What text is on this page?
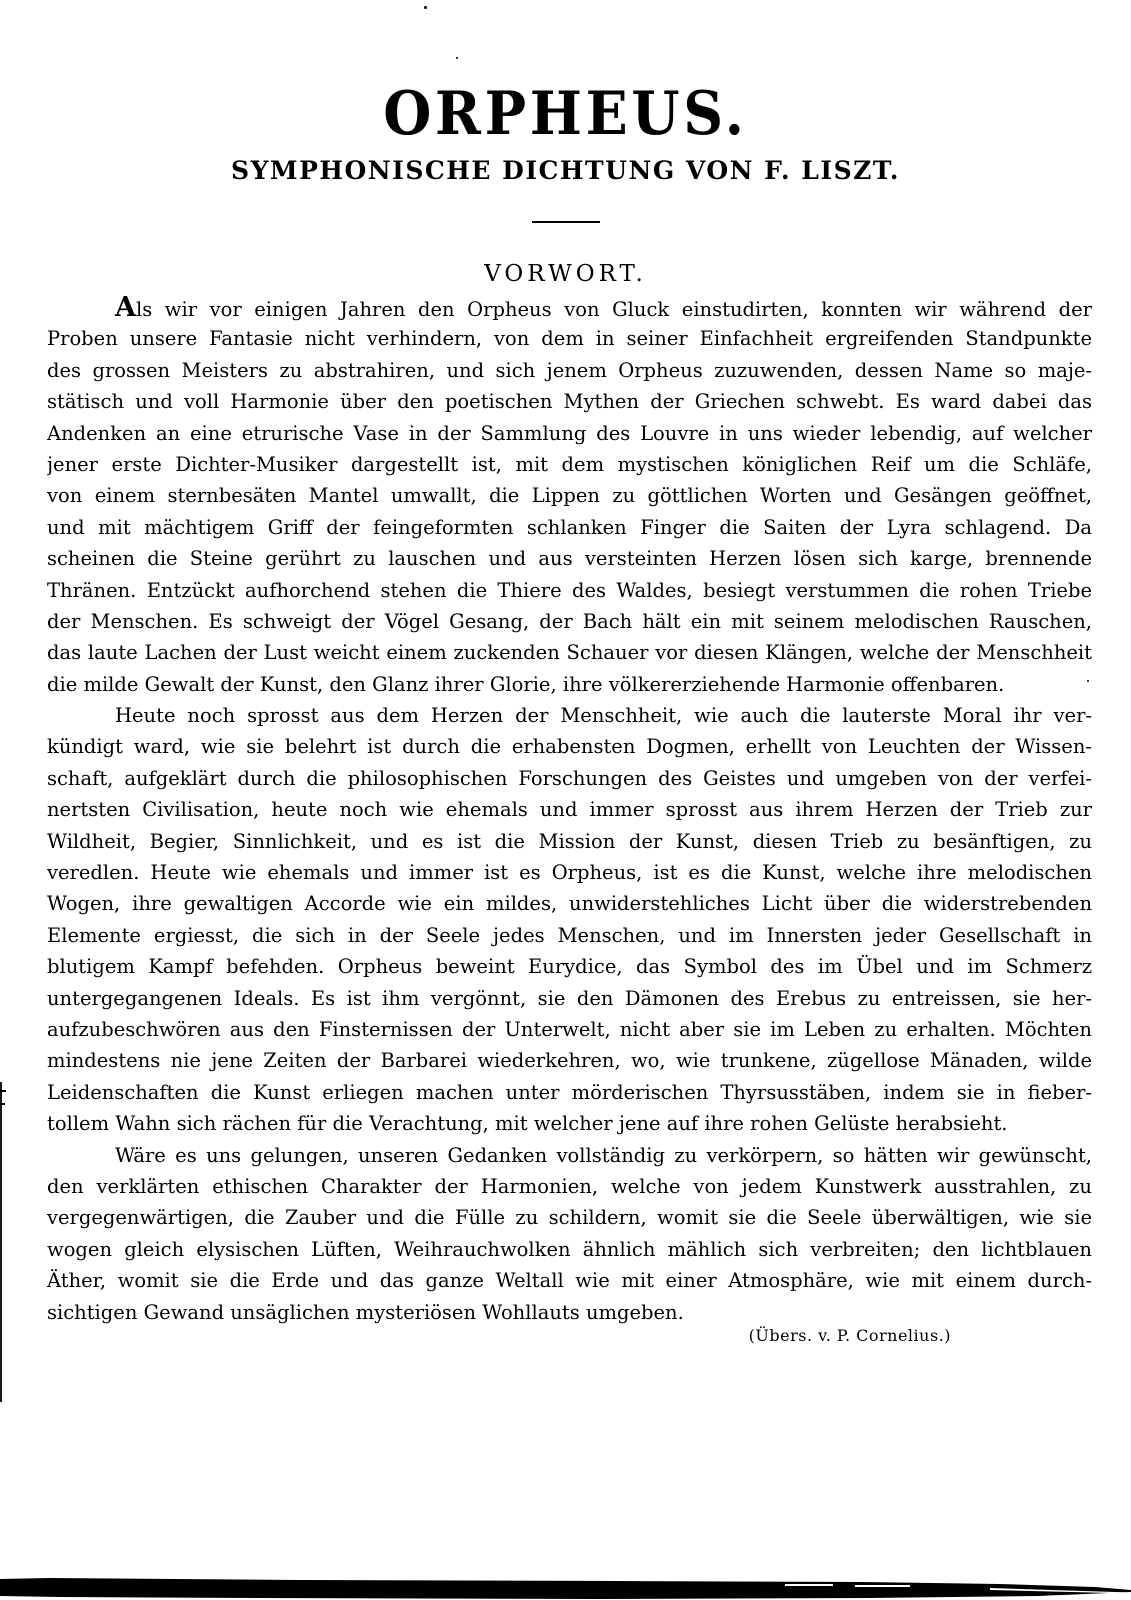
ORPHEUS.
SYMPHONISCHE DICHTUNG VON F. LISZT.
VORWORT.
Als wir vor einigen Jahren den Orpheus von Gluck einstudirten, konnten wir während der
Proben unsere Fantasie nicht verhindern, von dem in seiner Einfachheit ergreifenden Standpunkte
des grossen Meisters zu abstrahiren, und sich jenem Orpheus zuzuwenden, dessen Name so maje-
stätisch und voll Harmonie über den poetischen Mythen der Griechen schwebt. Es ward dabei das
Andenken an eine etrurische Vase in der Sammlung des Louvre in uns wieder lebendig, auf welcher
jener erste Dichter-Musiker dargestellt ist, mit dem mystischen königlichen Reif um die Schläfe,
von einem sternbesäten Mantel umwallt, die Lippen zu göttlichen Worten und Gesängen geöffnet,
und mit mächtigem Griff der feingeformten schlanken Finger die Saiten der Lyra schlagend. Da
scheinen die Steine gerührt zu lauschen und aus versteinten Herzen lösen sich karge, brennende
Thränen. Entzückt aufhorchend stehen die Thiere des Waldes, besiegt verstummen die rohen Triebe
der Menschen. Es schweigt der Vögel Gesang, der Bach hält ein mit seinem melodischen Rauschen,
das laute Lachen der Lust weicht einem zuckenden Schauer vor diesen Klängen, welche der Menschheit
die milde Gewalt der Kunst, den Glanz ihrer Glorie, ihre völkererziehende Harmonie offenbaren.
Heute noch sprosst aus dem Herzen der Menschheit, wie auch die lauterste Moral ihr ver-
kündigt ward, wie sie belehrt ist durch die erhabensten Dogmen, erhellt von Leuchten der Wissen-
schaft, aufgeklärt durch die philosophischen Forschungen des Geistes und umgeben von der verfei-
nertsten Civilisation, heute noch wie ehemals und immer sprosst aus ihrem Herzen der Trieb zur
Wildheit, Begier, Sinnlichkeit, und es ist die Mission der Kunst, diesen Trieb zu besänftigen, zu
veredlen. Heute wie ehemals und immer ist es Orpheus, ist es die Kunst, welche ihre melodischen
Wogen, ihre gewaltigen Accorde wie ein mildes, unwiderstehliches Licht über die widerstrebenden
Elemente ergiesst, die sich in der Seele jedes Menschen, und im Innersten jeder Gesellschaft in
blutigem Kampf befehden. Orpheus beweint Eurydice, das Symbol des im Übel und im Schmerz
untergegangenen Ideals. Es ist ihm vergönnt, sie den Dämonen des Erebus zu entreissen, sie her-
aufzubeschwören aus den Finsternissen der Unterwelt, nicht aber sie im Leben zu erhalten. Möchten
mindestens nie jene Zeiten der Barbarei wiederkehren, wo, wie trunkene, zügellose Mänaden, wilde
Leidenschaften die Kunst erliegen machen unter mörderischen Thyrsusstäben, indem sie in fieber-
tollem Wahn sich rächen für die Verachtung, mit welcher jene auf ihre rohen Gelüste herabsieht.
Wäre es uns gelungen, unseren Gedanken vollständig zu verkörpern, so hätten wir gewünscht,
den verklärten ethischen Charakter der Harmonien, welche von jedem Kunstwerk ausstrahlen, zu
vergegenwärtigen, die Zauber und die Fülle zu schildern, womit sie die Seele überwältigen, wie sie
wogen gleich elysischen Lüften, Weihrauchwolken ähnlich mählich sich verbreiten; den lichtblauen
Äther, womit sie die Erde und das ganze Weltall wie mit einer Atmosphäre, wie mit einem durch-
sichtigen Gewand unsäglichen mysteriösen Wohllauts umgeben.
(Übers. v. P. Cornelius.)
